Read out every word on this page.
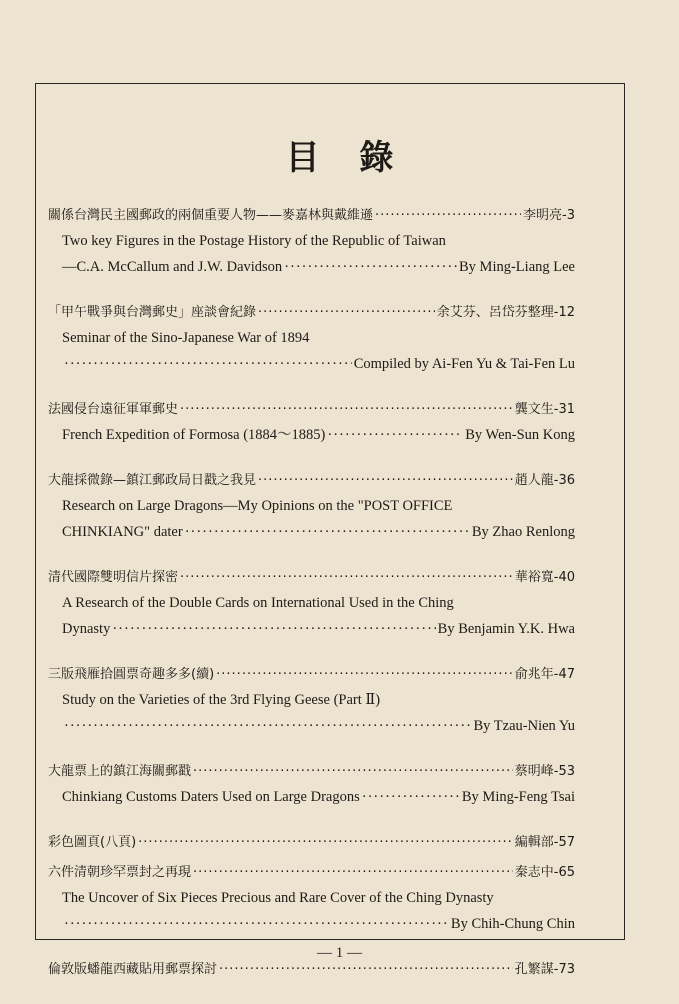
目 錄
關係台灣民主國郵政的兩個重要人物——麥嘉林與戴維遜 ·····	李明亮-3
Two key Figures in the Postage History of the Republic of Taiwan
—C.A. McCallum and J.W. Davidson ·····	By Ming-Liang Lee
「甲午戰爭與台灣郵史」座談會紀錄 ·····	余艾芬、呂岱芬整理-12
Seminar of the Sino-Japanese War of 1894
·····
Compiled by Ai-Fen Yu & Tai-Fen Lu
法國侵台遠征軍軍郵史 ·····	龔文生-31
French Expedition of Formosa (1884～1885) ·····	By Wen-Sun Kong
大龍採微錄—鎮江郵政局日戳之我見 ·····	趙人龍-36
Research on Large Dragons—My Opinions on the "POST OFFICE
CHINKIANG" dater ·····	By Zhao Renlong
清代國際雙明信片探密 ·····	華裕寬-40
A Research of the Double Cards on International Used in the Ching
Dynasty ·····	By Benjamin Y.K. Hwa
三版飛雁拾圓票奇趣多多(續) ·····	俞兆年-47
Study on the Varieties of the 3rd Flying Geese (Part Ⅱ)
·····
By Tzau-Nien Yu
大龍票上的鎮江海關郵戳 ·····	蔡明峰-53
Chinkiang Customs Daters Used on Large Dragons ·····	By Ming-Feng Tsai
彩色圖頁(八頁) ·····	編輯部-57
六件清朝珍罕票封之再現 ·····	秦志中-65
The Uncover of Six Pieces Precious and Rare Cover of the Ching Dynasty
·····
By Chih-Chung Chin
倫敦版蟠龍西藏貼用郵票探討 ·····	孔繁謀-73
— 1 —
